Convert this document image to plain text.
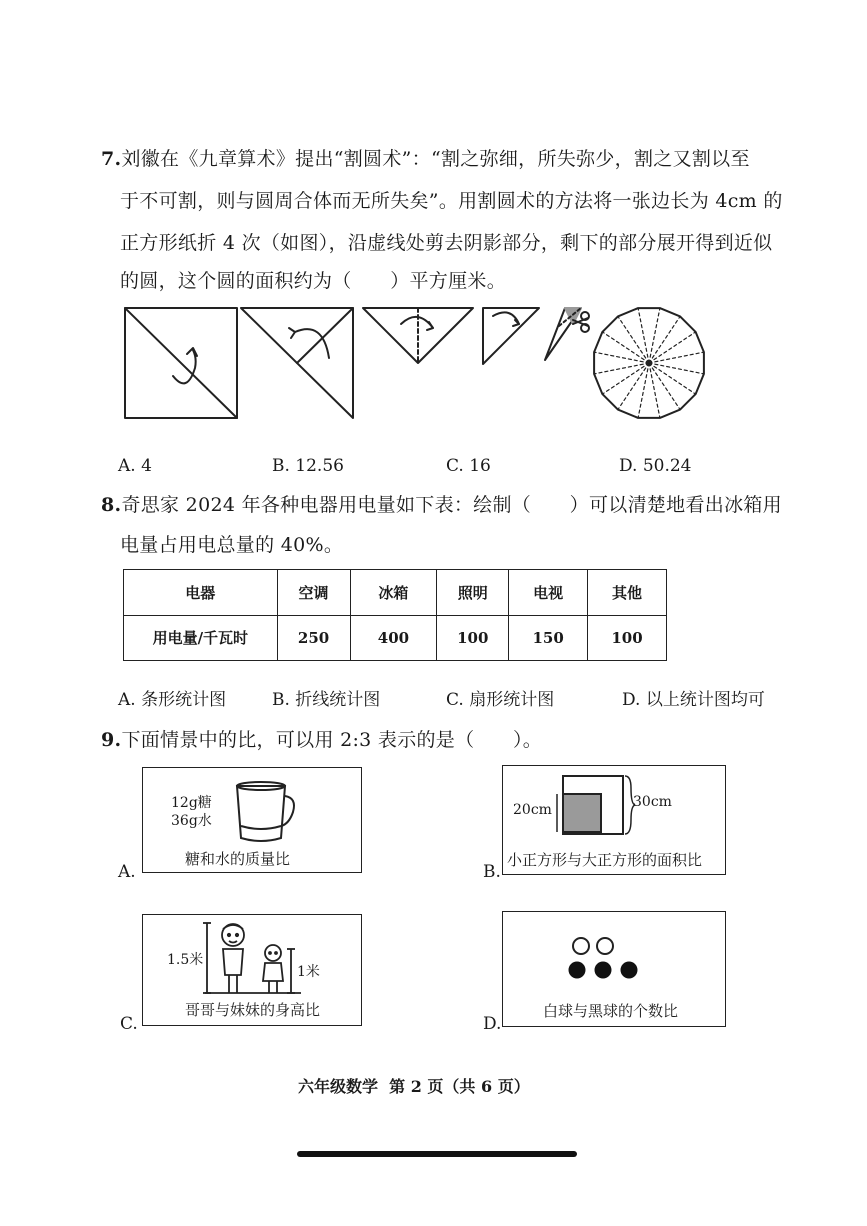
7.刘徽在《九章算术》提出“割圆术”：“割之弥细，所失弥少，割之又割以至
于不可割，则与圆周合体而无所失矣”。用割圆术的方法将一张边长为 4cm 的
正方形纸折 4 次（如图），沿虚线处剪去阴影部分，剩下的部分展开得到近似
的圆，这个圆的面积约为（　　）平方厘米。
A. 4	B. 12.56	C. 16	D. 50.24
8.奇思家 2024 年各种电器用电量如下表：绘制（　　）可以清楚地看出冰箱用
电量占用电总量的 40%。
电器	空调	冰箱	照明	电视	其他
用电量/千瓦时	250	400	100	150	100
A. 条形统计图	B. 折线统计图	C. 扇形统计图	D. 以上统计图均可
9.下面情景中的比，可以用 2:3 表示的是（　　）。
A.
12g糖
36g水
糖和水的质量比
B.
20cm	30cm
小正方形与大正方形的面积比
C.
1.5米
1米
哥哥与妹妹的身高比
D.
白球与黑球的个数比
六年级数学  第 2 页（共 6 页）
